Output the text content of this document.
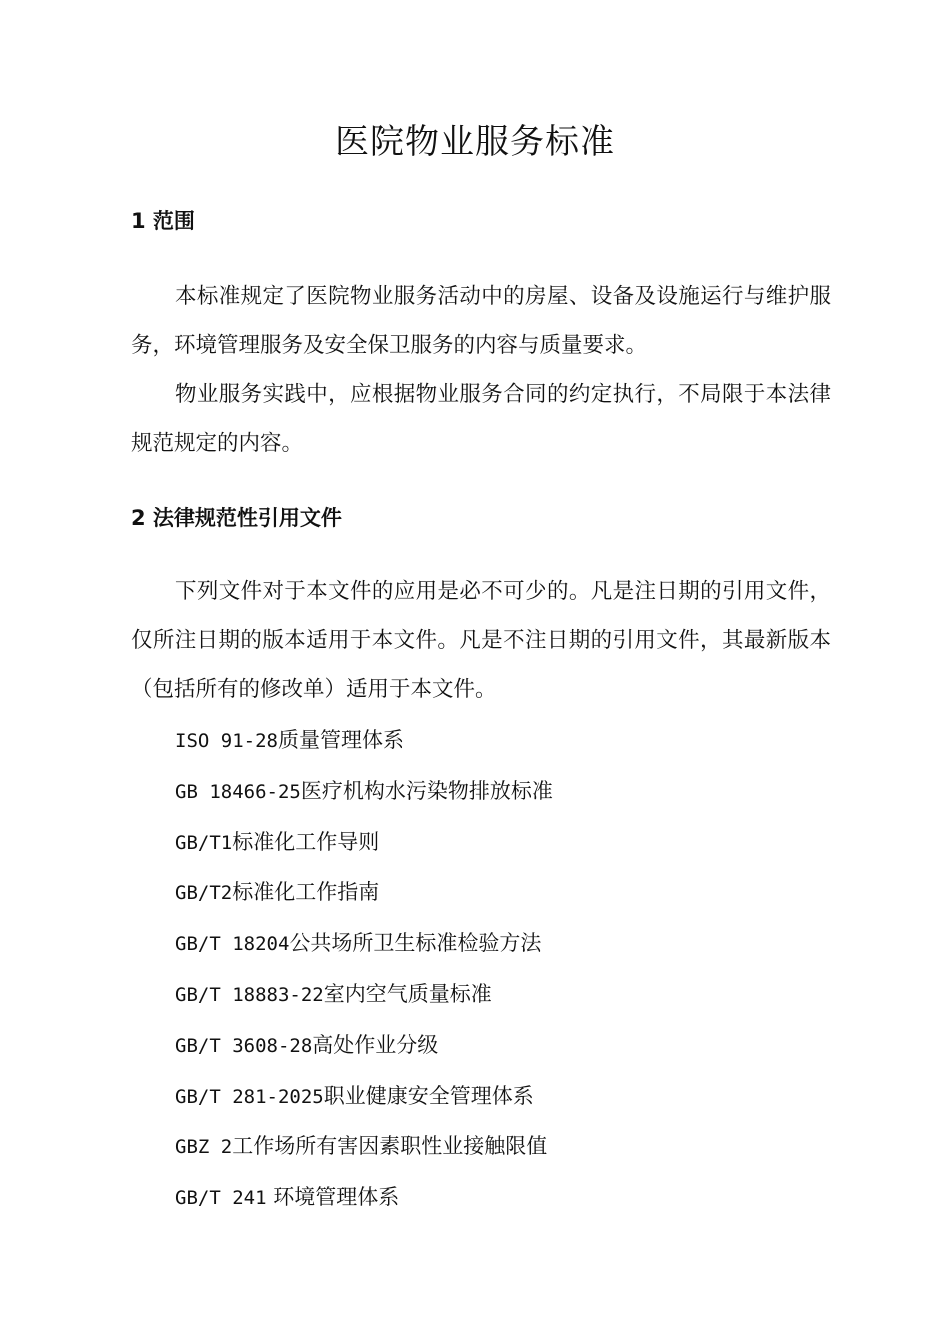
医院物业服务标准
1 范围

本标准规定了医院物业服务活动中的房屋、设备及设施运行与维护服务，环境管理服务及安全保卫服务的内容与质量要求。

物业服务实践中，应根据物业服务合同的约定执行，不局限于本法律规范规定的内容。

2 法律规范性引用文件

下列文件对于本文件的应用是必不可少的。凡是注日期的引用文件，仅所注日期的版本适用于本文件。凡是不注日期的引用文件，其最新版本（包括所有的修改单）适用于本文件。

ISO 91-28质量管理体系
GB 18466-25医疗机构水污染物排放标准
GB/T1标准化工作导则
GB/T2标准化工作指南
GB/T 18204公共场所卫生标准检验方法
GB/T 18883-22室内空气质量标准
GB/T 3608-28高处作业分级
GB/T 281-2025职业健康安全管理体系
GBZ 2工作场所有害因素职性业接触限值
GB/T 241 环境管理体系
